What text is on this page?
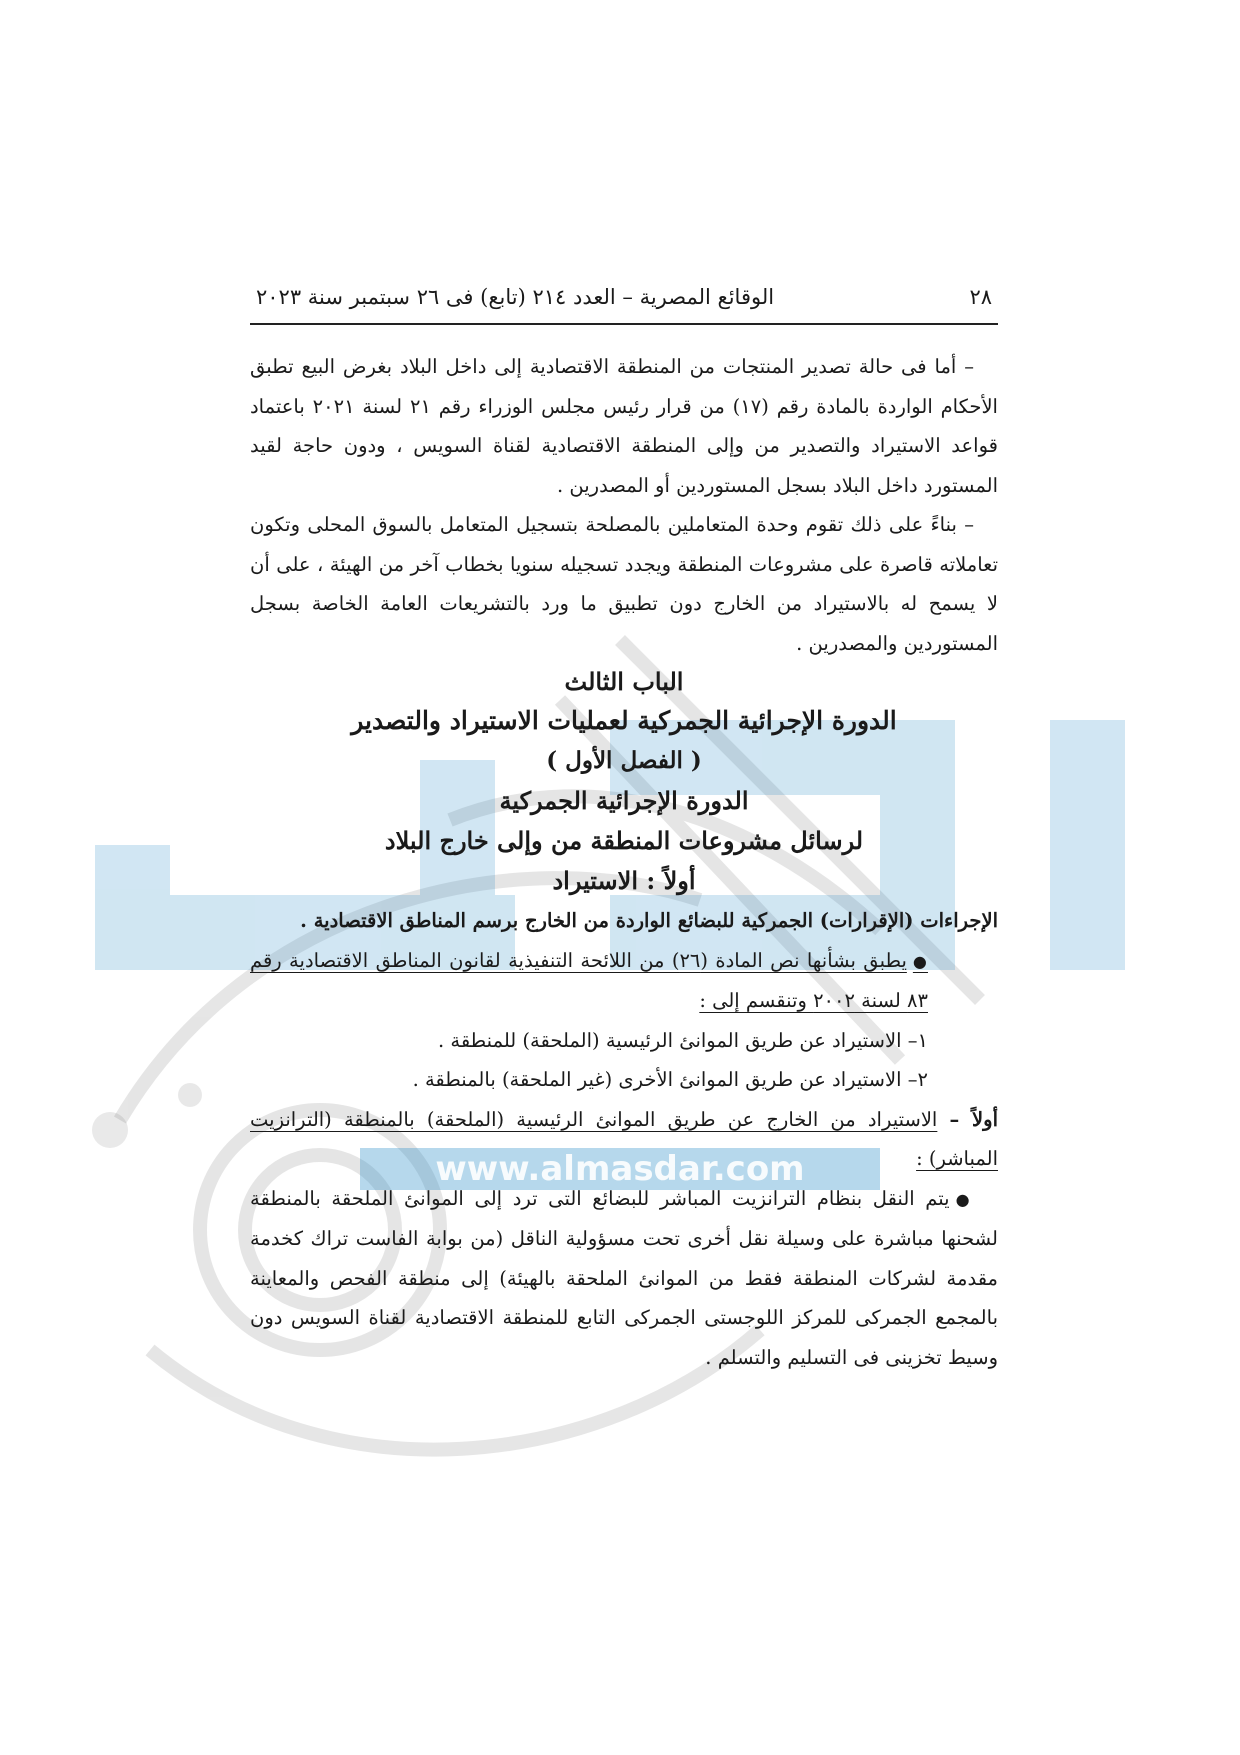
www.almasdar.com
٢٨
الوقائع المصرية – العدد ٢١٤ (تابع) فى ٢٦ سبتمبر سنة ٢٠٢٣

– أما فى حالة تصدير المنتجات من المنطقة الاقتصادية إلى داخل البلاد بغرض البيع تطبق الأحكام الواردة بالمادة رقم (١٧) من قرار رئيس مجلس الوزراء رقم ٢١ لسنة ٢٠٢١ باعتماد قواعد الاستيراد والتصدير من وإلى المنطقة الاقتصادية لقناة السويس ، ودون حاجة لقيد المستورد داخل البلاد بسجل المستوردين أو المصدرين .

– بناءً على ذلك تقوم وحدة المتعاملين بالمصلحة بتسجيل المتعامل بالسوق المحلى وتكون تعاملاته قاصرة على مشروعات المنطقة ويجدد تسجيله سنويا بخطاب آخر من الهيئة ، على أن لا يسمح له بالاستيراد من الخارج دون تطبيق ما ورد بالتشريعات العامة الخاصة بسجل المستوردين والمصدرين .

الباب الثالث

الدورة الإجرائية الجمركية لعمليات الاستيراد والتصدير

( الفصل الأول )

الدورة الإجرائية الجمركية

لرسائل مشروعات المنطقة من وإلى خارج البلاد

أولاً : الاستيراد

الإجراءات (الإقرارات) الجمركية للبضائع الواردة من الخارج برسم المناطق الاقتصادية .

●يطبق بشأنها نص المادة (٢٦) من اللائحة التنفيذية لقانون المناطق الاقتصادية رقم ٨٣ لسنة ٢٠٠٢ وتنقسم إلى :

١– الاستيراد عن طريق الموانئ الرئيسية (الملحقة) للمنطقة .

٢– الاستيراد عن طريق الموانئ الأخرى (غير الملحقة) بالمنطقة .

أولاً – الاستيراد من الخارج عن طريق الموانئ الرئيسية (الملحقة) بالمنطقة (الترانزيت المباشر) :

●يتم النقل بنظام الترانزيت المباشر للبضائع التى ترد إلى الموانئ الملحقة بالمنطقة لشحنها مباشرة على وسيلة نقل أخرى تحت مسؤولية الناقل (من بوابة الفاست تراك كخدمة مقدمة لشركات المنطقة فقط من الموانئ الملحقة بالهيئة) إلى منطقة الفحص والمعاينة بالمجمع الجمركى للمركز اللوجستى الجمركى التابع للمنطقة الاقتصادية لقناة السويس دون وسيط تخزينى فى التسليم والتسلم .
